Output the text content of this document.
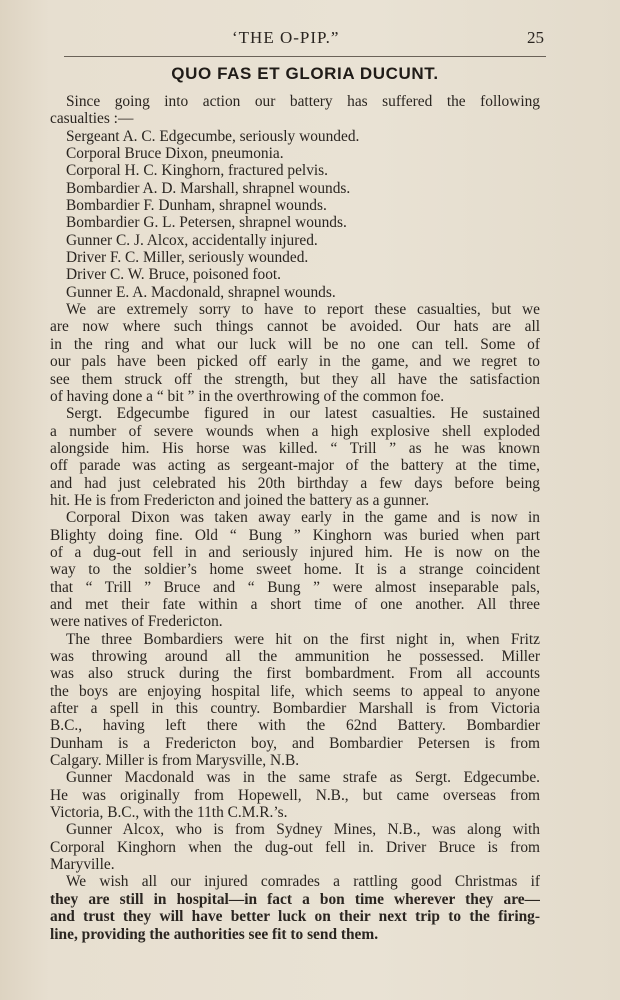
‘THE O-PIP.”	25
QUO FAS ET GLORIA DUCUNT.
Since going into action our battery has suffered the following
casualties :—
Sergeant A. C. Edgecumbe, seriously wounded.
Corporal Bruce Dixon, pneumonia.
Corporal H. C. Kinghorn, fractured pelvis.
Bombardier A. D. Marshall, shrapnel wounds.
Bombardier F. Dunham, shrapnel wounds.
Bombardier G. L. Petersen, shrapnel wounds.
Gunner C. J. Alcox, accidentally injured.
Driver F. C. Miller, seriously wounded.
Driver C. W. Bruce, poisoned foot.
Gunner E. A. Macdonald, shrapnel wounds.
We are extremely sorry to have to report these casualties, but we
are now where such things cannot be avoided. Our hats are all
in the ring and what our luck will be no one can tell. Some of
our pals have been picked off early in the game, and we regret to
see them struck off the strength, but they all have the satisfaction
of having done a “ bit ” in the overthrowing of the common foe.
Sergt. Edgecumbe figured in our latest casualties. He sustained
a number of severe wounds when a high explosive shell exploded
alongside him. His horse was killed. “ Trill ” as he was known
off parade was acting as sergeant-major of the battery at the time,
and had just celebrated his 20th birthday a few days before being
hit. He is from Fredericton and joined the battery as a gunner.
Corporal Dixon was taken away early in the game and is now in
Blighty doing fine. Old “ Bung ” Kinghorn was buried when part
of a dug-out fell in and seriously injured him. He is now on the
way to the soldier’s home sweet home. It is a strange coincident
that “ Trill ” Bruce and “ Bung ” were almost inseparable pals,
and met their fate within a short time of one another. All three
were natives of Fredericton.
The three Bombardiers were hit on the first night in, when Fritz
was throwing around all the ammunition he possessed. Miller
was also struck during the first bombardment. From all accounts
the boys are enjoying hospital life, which seems to appeal to anyone
after a spell in this country. Bombardier Marshall is from Victoria
B.C., having left there with the 62nd Battery. Bombardier
Dunham is a Fredericton boy, and Bombardier Petersen is from
Calgary. Miller is from Marysville, N.B.
Gunner Macdonald was in the same strafe as Sergt. Edgecumbe.
He was originally from Hopewell, N.B., but came overseas from
Victoria, B.C., with the 11th C.M.R.’s.
Gunner Alcox, who is from Sydney Mines, N.B., was along with
Corporal Kinghorn when the dug-out fell in. Driver Bruce is from
Maryville.
We wish all our injured comrades a rattling good Christmas if
they are still in hospital—in fact a bon time wherever they are—
and trust they will have better luck on their next trip to the firing-
line, providing the authorities see fit to send them.
